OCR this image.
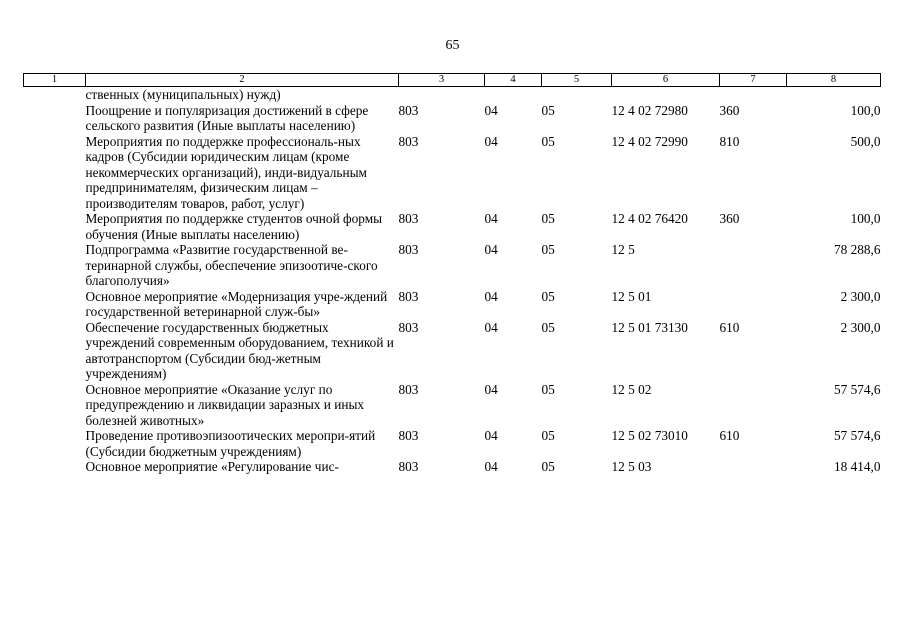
65
1	2	3	4	5	6	7	8
	ственных (муниципальных) нужд)						
	Поощрение и популяризация достижений в сфере сельского развития (Иные выплаты населению)	803	04	05	12 4 02 72980	360	100,0
	Мероприятия по поддержке профессиональ-ных кадров (Субсидии юридическим лицам (кроме некоммерческих организаций), инди-видуальным предпринимателям, физическим лицам – производителям товаров, работ, услуг)	803	04	05	12 4 02 72990	810	500,0
	Мероприятия по поддержке студентов очной формы обучения (Иные выплаты населению)	803	04	05	12 4 02 76420	360	100,0
	Подпрограмма «Развитие государственной ве-теринарной службы, обеспечение эпизоотиче-ского благополучия»	803	04	05	12 5		78 288,6
	Основное мероприятие «Модернизация учре-ждений государственной ветеринарной служ-бы»	803	04	05	12 5 01		2 300,0
	Обеспечение государственных бюджетных учреждений современным оборудованием, техникой и автотранспортом (Субсидии бюд-жетным учреждениям)	803	04	05	12 5 01 73130	610	2 300,0
	Основное мероприятие «Оказание услуг по предупреждению и ликвидации заразных и иных болезней животных»	803	04	05	12 5 02		57 574,6
	Проведение противоэпизоотических меропри-ятий (Субсидии бюджетным учреждениям)	803	04	05	12 5 02 73010	610	57 574,6
	Основное мероприятие «Регулирование чис-	803	04	05	12 5 03		18 414,0
